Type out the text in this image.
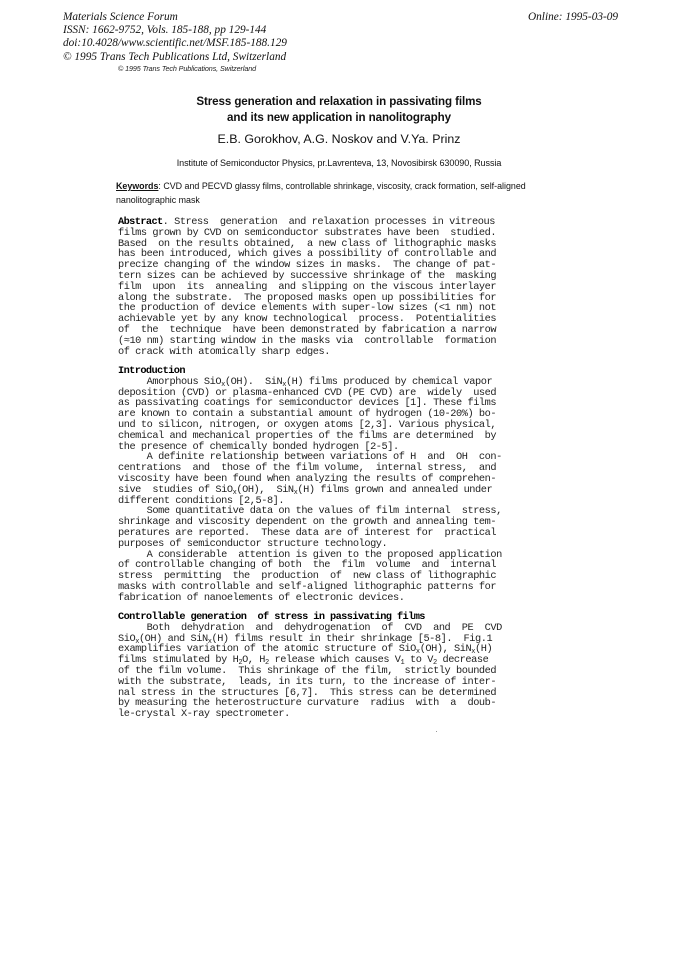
Materials Science Forum
ISSN: 1662-9752, Vols. 185-188, pp 129-144
doi:10.4028/www.scientific.net/MSF.185-188.129
© 1995 Trans Tech Publications Ltd, Switzerland
Online: 1995-03-09
© 1995 Trans Tech Publications, Switzerland
Stress generation and relaxation in passivating films
and its new application in nanolitography
E.B. Gorokhov, A.G. Noskov and V.Ya. Prinz
Institute of Semiconductor Physics, pr.Lavrenteva, 13, Novosibirsk 630090, Russia
Keywords: CVD and PECVD glassy films, controllable shrinkage, viscosity, crack formation, self-aligned nanolitographic mask
Abstract. Stress  generation  and relaxation processes in vitreous
films grown by CVD on semiconductor substrates have been  studied.
Based  on the results obtained,  a new class of lithographic masks
has been introduced, which gives a possibility of controllable and
precize changing of the window sizes in masks.  The change of pat-
tern sizes can be achieved by successive shrinkage of the  masking
film  upon  its  annealing  and slipping on the viscous interlayer
along the substrate.  The proposed masks open up possibilities for
the production of device elements with super-low sizes (<1 nm) not
achievable yet by any know technological  process.  Potentialities
of  the  technique  have been demonstrated by fabrication a narrow
(≈10 nm) starting window in the masks via  controllable  formation
of crack with atomically sharp edges.
Introduction
Amorphous SiO$_x$(OH).  SiN$_x$(H) films produced by chemical vapor
deposition (CVD) or plasma-enhanced CVD (PE CVD) are  widely  used
as passivating coatings for semiconductor devices [1]. These films
are known to contain a substantial amount of hydrogen (10-20%) bo-
und to silicon, nitrogen, or oxygen atoms [2,3]. Various physical,
chemical and mechanical properties of the films are determined  by
the presence of chemically bonded hydrogen [2-5].
A definite relationship between variations of H  and  OH  con-
centrations  and  those of the film volume,  internal stress,  and
viscosity have been found when analyzing the results of comprehen-
sive  studies of SiO$_x$(OH),  SiN$_x$(H) films grown and annealed under
different conditions [2,5-8].
Some quantitative data on the values of film internal  stress,
shrinkage and viscosity dependent on the growth and annealing tem-
peratures are reported.  These data are of interest for  practical
purposes of semiconductor structure technology.
A considerable  attention is given to the proposed application
of controllable changing of both  the  film  volume  and  internal
stress  permitting  the  production  of  new class of lithographic
masks with controllable and self-aligned lithographic patterns for
fabrication of nanoelements of electronic devices.
Controllable generation  of stress in passivating films
Both  dehydration  and  dehydrogenation  of  CVD  and  PE  CVD
SiO$_x$(OH) and SiN$_x$(H) films result in their shrinkage [5-8].  Fig.1
examplifies variation of the atomic structure of SiO$_x$(OH), SiN$_x$(H)
films stimulated by $H_2O$, $H_2$ release which causes $V_1$ to $V_2$ decrease
of the film volume.  This shrinkage of the film,  strictly bounded
with the substrate,  leads, in its turn, to the increase of inter-
nal stress in the structures [6,7].  This stress can be determined
by measuring the heterostructure curvature  radius  with  a  doub-
le-crystal X-ray spectrometer.
